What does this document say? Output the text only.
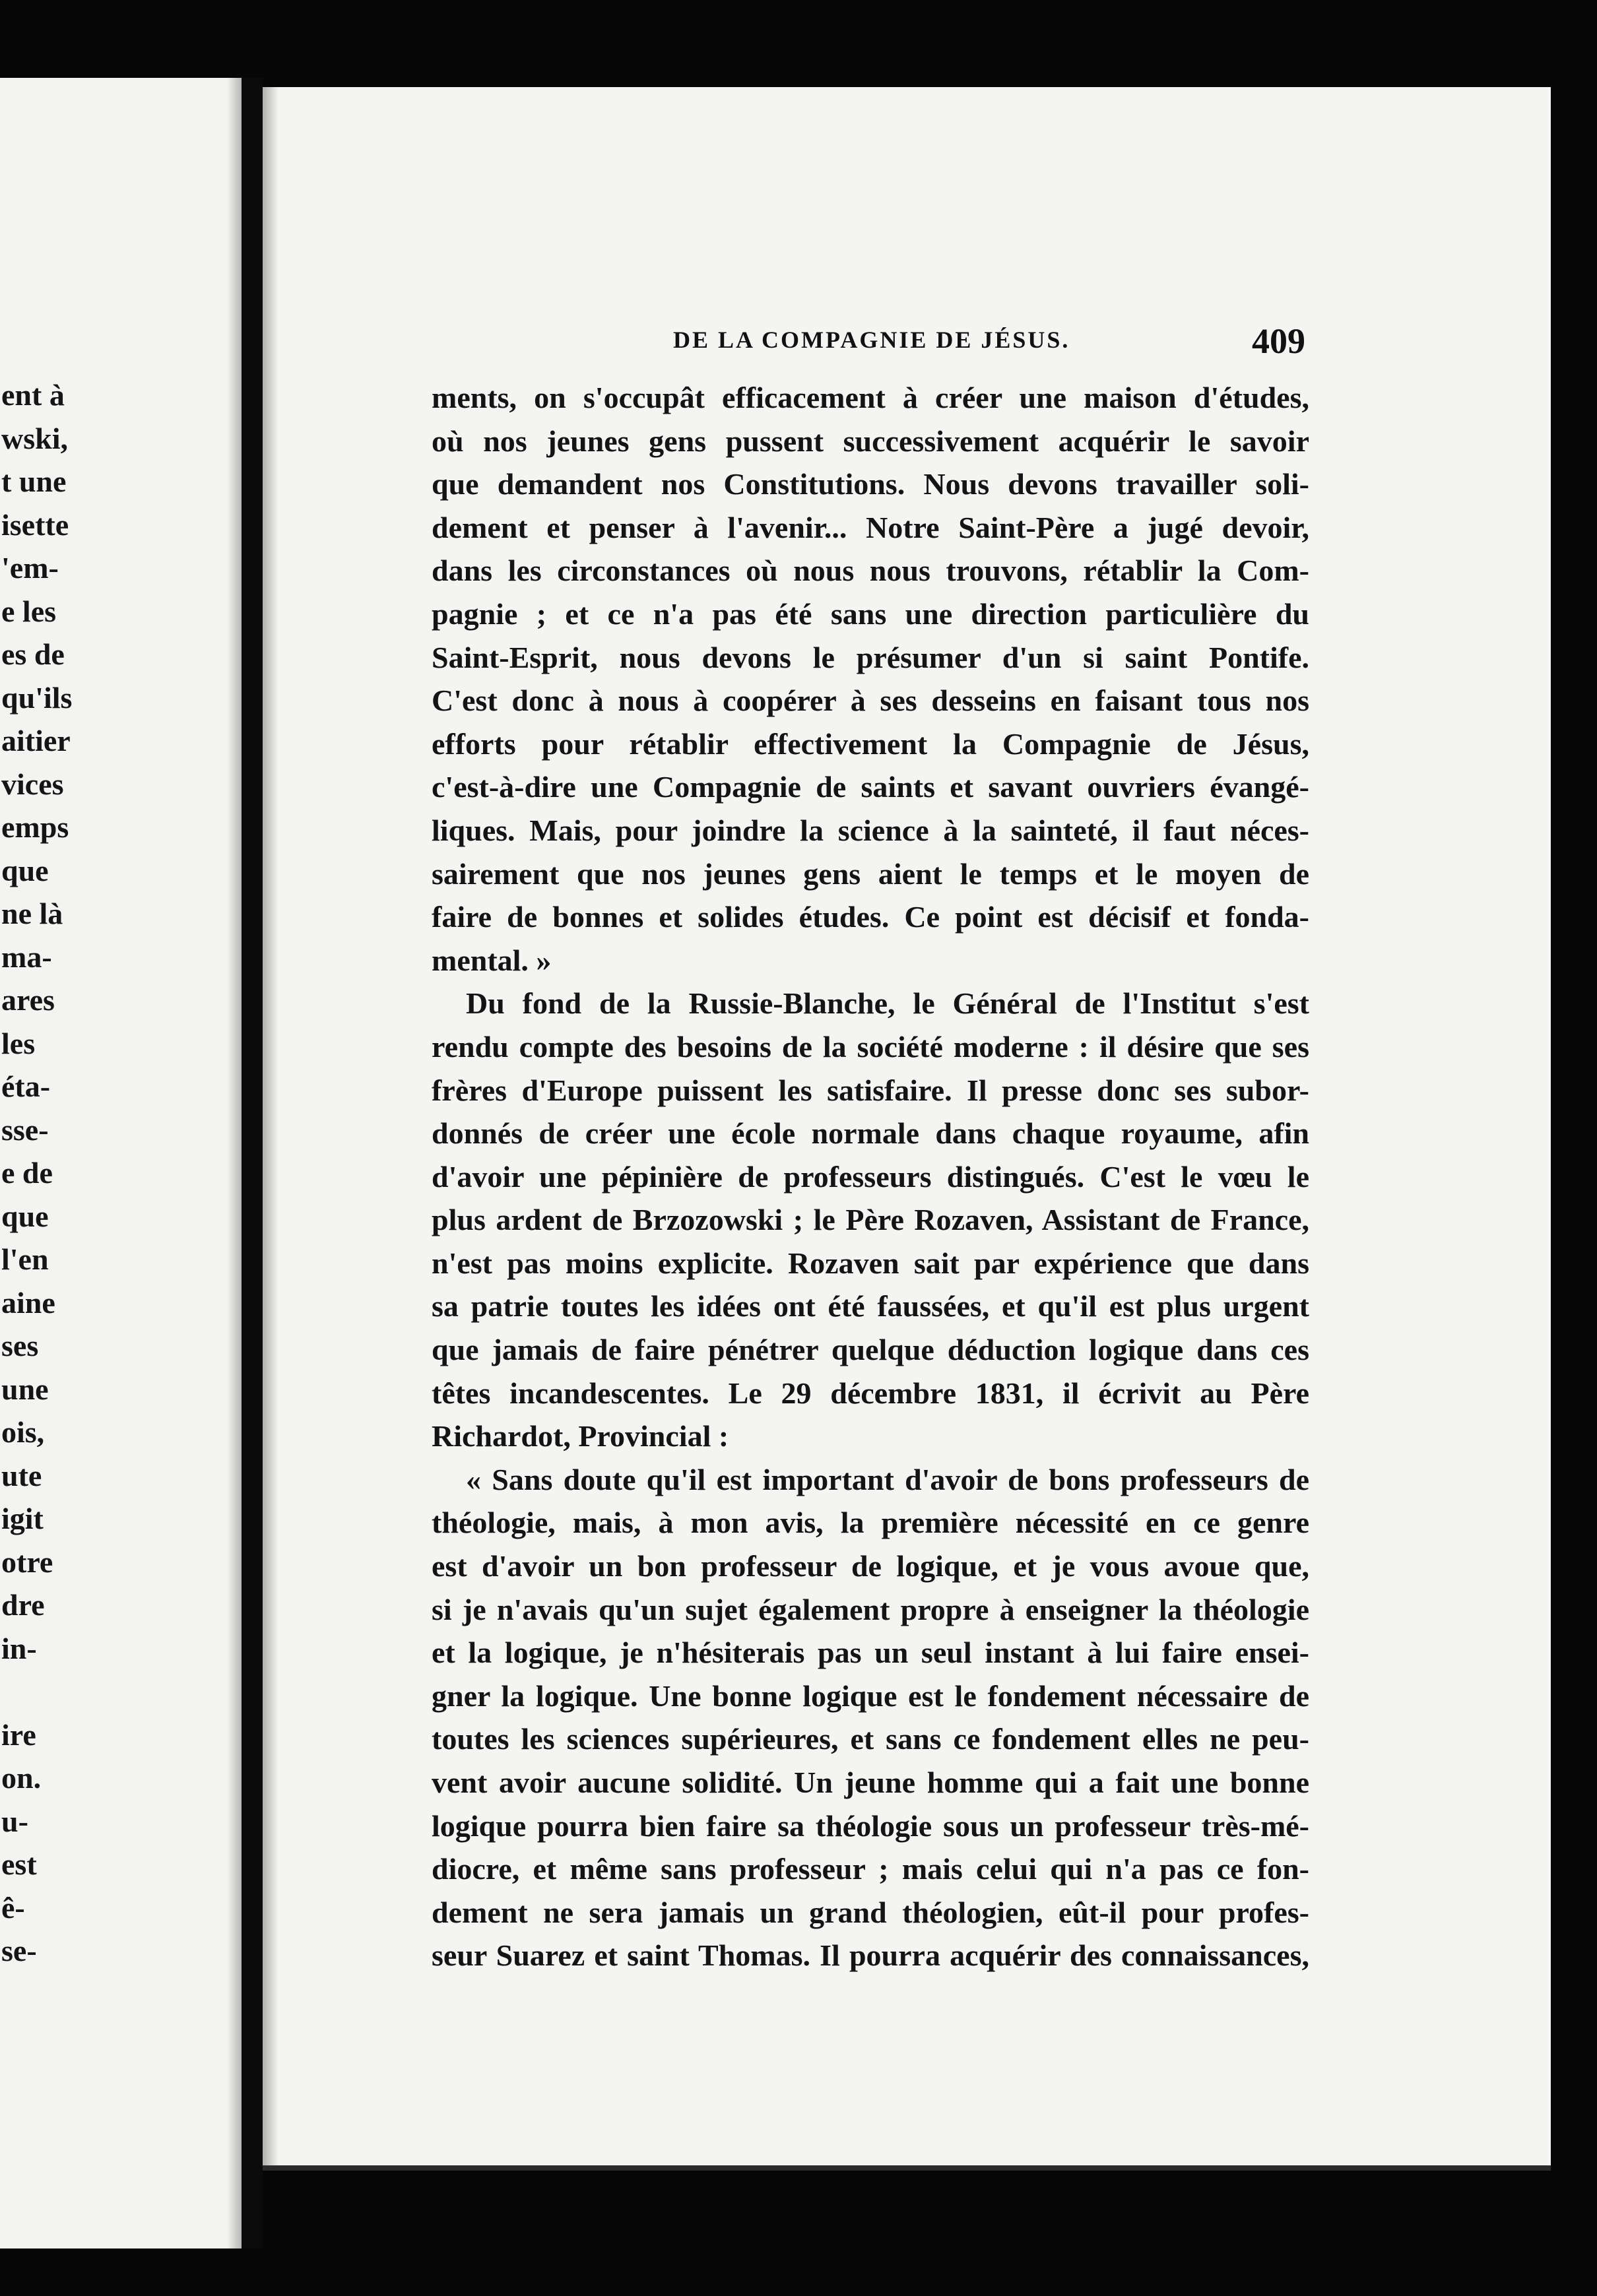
ent à
wski,
t une
isette
'em-
e les
es de
qu'ils
aitier
vices
emps
que
ne là
ma-
ares
les
éta-
sse-
e de
que
l'en
aine
ses
une
ois,
ute
igit
otre
dre
in-
ire
on.
u-
est
ê-
se-
DE LA COMPAGNIE DE JÉSUS.	409
ments, on s'occupât efficacement à créer une maison d'études,
où nos jeunes gens pussent successivement acquérir le savoir
que demandent nos Constitutions. Nous devons travailler soli-
dement et penser à l'avenir... Notre Saint-Père a jugé devoir,
dans les circonstances où nous nous trouvons, rétablir la Com-
pagnie ; et ce n'a pas été sans une direction particulière du
Saint-Esprit, nous devons le présumer d'un si saint Pontife.
C'est donc à nous à coopérer à ses desseins en faisant tous nos
efforts pour rétablir effectivement la Compagnie de Jésus,
c'est-à-dire une Compagnie de saints et savant ouvriers évangé-
liques. Mais, pour joindre la science à la sainteté, il faut néces-
sairement que nos jeunes gens aient le temps et le moyen de
faire de bonnes et solides études. Ce point est décisif et fonda-
mental. »
Du fond de la Russie-Blanche, le Général de l'Institut s'est
rendu compte des besoins de la société moderne : il désire que ses
frères d'Europe puissent les satisfaire. Il presse donc ses subor-
donnés de créer une école normale dans chaque royaume, afin
d'avoir une pépinière de professeurs distingués. C'est le vœu le
plus ardent de Brzozowski ; le Père Rozaven, Assistant de France,
n'est pas moins explicite. Rozaven sait par expérience que dans
sa patrie toutes les idées ont été faussées, et qu'il est plus urgent
que jamais de faire pénétrer quelque déduction logique dans ces
têtes incandescentes. Le 29 décembre 1831, il écrivit au Père
Richardot, Provincial :
« Sans doute qu'il est important d'avoir de bons professeurs de
théologie, mais, à mon avis, la première nécessité en ce genre
est d'avoir un bon professeur de logique, et je vous avoue que,
si je n'avais qu'un sujet également propre à enseigner la théologie
et la logique, je n'hésiterais pas un seul instant à lui faire ensei-
gner la logique. Une bonne logique est le fondement nécessaire de
toutes les sciences supérieures, et sans ce fondement elles ne peu-
vent avoir aucune solidité. Un jeune homme qui a fait une bonne
logique pourra bien faire sa théologie sous un professeur très-mé-
diocre, et même sans professeur ; mais celui qui n'a pas ce fon-
dement ne sera jamais un grand théologien, eût-il pour profes-
seur Suarez et saint Thomas. Il pourra acquérir des connaissances,
